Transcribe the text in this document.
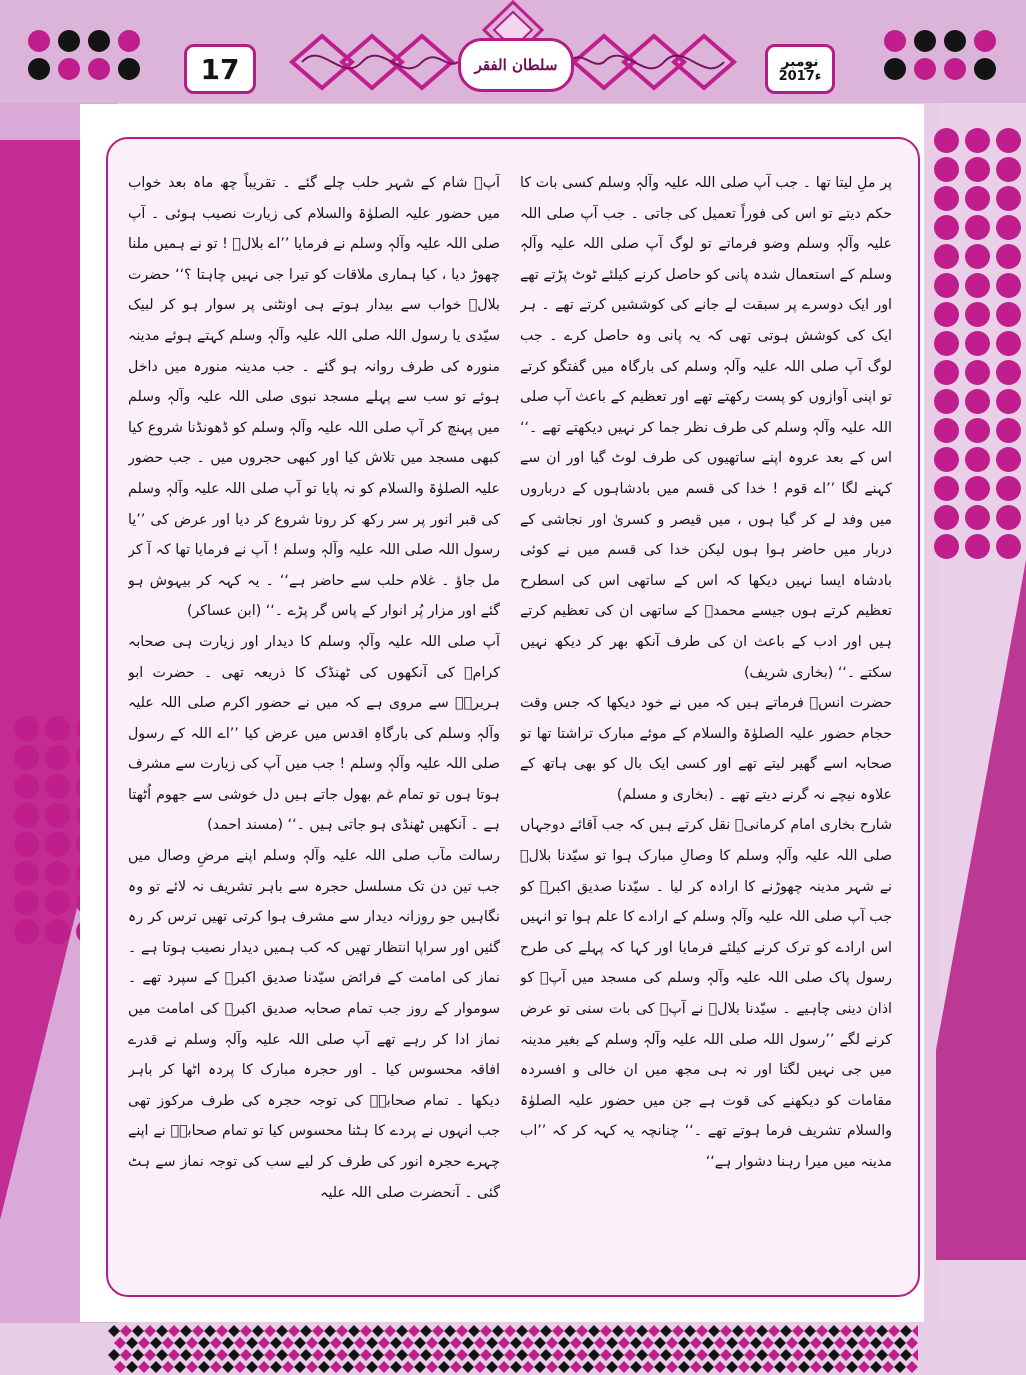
17	نومبر
2017ء
سلطان الفقر

پر ملِ لیتا تھا ۔ جب آپ صلی اللہ علیہ وآلہٖ وسلم کسی بات کا حکم دیتے تو اس کی فوراً تعمیل کی جاتی ۔ جب آپ صلی اللہ علیہ وآلہٖ وسلم وضو فرماتے تو لوگ آپ صلی اللہ علیہ وآلہٖ وسلم کے استعمال شدہ پانی کو حاصل کرنے کیلئے ٹوٹ پڑتے تھے اور ایک دوسرے پر سبقت لے جانے کی کوششیں کرتے تھے ۔ ہر ایک کی کوشش ہوتی تھی کہ یہ پانی وہ حاصل کرے ۔ جب لوگ آپ صلی اللہ علیہ وآلہٖ وسلم کی بارگاہ میں گفتگو کرتے تو اپنی آوازوں کو پست رکھتے تھے اور تعظیم کے باعث آپ صلی اللہ علیہ وآلہٖ وسلم کی طرف نظر جما کر نہیں دیکھتے تھے ۔‘‘ اس کے بعد عروہ اپنے ساتھیوں کی طرف لوٹ گیا اور ان سے کہنے لگا ’’اے قوم ! خدا کی قسم میں بادشاہوں کے درباروں میں وفد لے کر گیا ہوں ، میں قیصر و کسریٰ اور نجاشی کے دربار میں حاضر ہوا ہوں لیکن خدا کی قسم میں نے کوئی بادشاہ ایسا نہیں دیکھا کہ اس کے ساتھی اس کی اسطرح تعظیم کرتے ہوں جیسے محمدؐ کے ساتھی ان کی تعظیم کرتے ہیں اور ادب کے باعث ان کی طرف آنکھ بھر کر دیکھ نہیں سکتے ۔‘‘ (بخاری شریف)

حضرت انسؓ فرماتے ہیں کہ میں نے خود دیکھا کہ جس وقت حجام حضور علیہ الصلوٰۃ والسلام کے موئے مبارک تراشتا تھا تو صحابہ اسے گھیر لیتے تھے اور کسی ایک بال کو بھی ہاتھ کے علاوہ نیچے نہ گرنے دیتے تھے ۔ (بخاری و مسلم)

شارح بخاری امام کرمانیؒ نقل کرتے ہیں کہ جب آقائے دوجہاں صلی اللہ علیہ وآلہٖ وسلم کا وصالِ مبارک ہوا تو سیّدنا بلالؓ نے شہر مدینہ چھوڑنے کا ارادہ کر لیا ۔ سیّدنا صدیق اکبرؓ کو جب آپ صلی اللہ علیہ وآلہٖ وسلم کے ارادے کا علم ہوا تو انہیں اس ارادے کو ترک کرنے کیلئے فرمایا اور کہا کہ پہلے کی طرح رسول پاک صلی اللہ علیہ وآلہٖ وسلم کی مسجد میں آپؓ کو اذان دینی چاہیے ۔ سیّدنا بلالؓ نے آپؓ کی بات سنی تو عرض کرنے لگے ’’رسول اللہ صلی اللہ علیہ وآلہٖ وسلم کے بغیر مدینہ میں جی نہیں لگتا اور نہ ہی مجھ میں ان خالی و افسردہ مقامات کو دیکھنے کی قوت ہے جن میں حضور علیہ الصلوٰۃ والسلام تشریف فرما ہوتے تھے ۔‘‘ چنانچہ یہ کہہ کر کہ ’’اب مدینہ میں میرا رہنا دشوار ہے‘‘

آپؓ شام کے شہر حلب چلے گئے ۔ تقریباً چھ ماہ بعد خواب میں حضور علیہ الصلوٰۃ والسلام کی زیارت نصیب ہوئی ۔ آپ صلی اللہ علیہ وآلہٖ وسلم نے فرمایا ’’اے بلالؓ ! تو نے ہمیں ملنا چھوڑ دیا ، کیا ہماری ملاقات کو تیرا جی نہیں چاہتا ؟‘‘ حضرت بلالؓ خواب سے بیدار ہوتے ہی اونٹنی پر سوار ہو کر لبیک سیّدی یا رسول اللہ صلی اللہ علیہ وآلہٖ وسلم کہتے ہوئے مدینہ منورہ کی طرف روانہ ہو گئے ۔ جب مدینہ منورہ میں داخل ہوئے تو سب سے پہلے مسجد نبوی صلی اللہ علیہ وآلہٖ وسلم میں پہنچ کر آپ صلی اللہ علیہ وآلہٖ وسلم کو ڈھونڈنا شروع کیا کبھی مسجد میں تلاش کیا اور کبھی حجروں میں ۔ جب حضور علیہ الصلوٰۃ والسلام کو نہ پایا تو آپ صلی اللہ علیہ وآلہٖ وسلم کی قبر انور پر سر رکھ کر رونا شروع کر دیا اور عرض کی ’’یا رسول اللہ صلی اللہ علیہ وآلہٖ وسلم ! آپ نے فرمایا تھا کہ آ کر مل جاؤ ۔ غلام حلب سے حاضر ہے‘‘ ۔ یہ کہہ کر بیہوش ہو گئے اور مزار پُر انوار کے پاس گر پڑے ۔‘‘ (ابن عساکر)

آپ صلی اللہ علیہ وآلہٖ وسلم کا دیدار اور زیارت ہی صحابہ کرامؓ کی آنکھوں کی ٹھنڈک کا ذریعہ تھی ۔ حضرت ابو ہریرہؓ سے مروی ہے کہ میں نے حضور اکرم صلی اللہ علیہ وآلہٖ وسلم کی بارگاہِ اقدس میں عرض کیا ’’اے اللہ کے رسول صلی اللہ علیہ وآلہٖ وسلم ! جب میں آپ کی زیارت سے مشرف ہوتا ہوں تو تمام غم بھول جاتے ہیں دل خوشی سے جھوم اُٹھتا ہے ۔ آنکھیں ٹھنڈی ہو جاتی ہیں ۔‘‘ (مسند احمد)

رسالت مآب صلی اللہ علیہ وآلہٖ وسلم اپنے مرضِ وصال میں جب تین دن تک مسلسل حجرہ سے باہر تشریف نہ لائے تو وہ نگاہیں جو روزانہ دیدار سے مشرف ہوا کرتی تھیں ترس کر رہ گئیں اور سراپا انتظار تھیں کہ کب ہمیں دیدار نصیب ہوتا ہے ۔ نماز کی امامت کے فرائض سیّدنا صدیق اکبرؓ کے سپرد تھے ۔ سوموار کے روز جب تمام صحابہ صدیق اکبرؓ کی امامت میں نماز ادا کر رہے تھے آپ صلی اللہ علیہ وآلہٖ وسلم نے قدرے افاقہ محسوس کیا ۔ اور حجرہ مبارک کا پردہ اٹھا کر باہر دیکھا ۔ تمام صحابہؓ کی توجہ حجرہ کی طرف مرکوز تھی جب انہوں نے پردے کا ہٹنا محسوس کیا تو تمام صحابہؓ نے اپنے چہرے حجرہ انور کی طرف کر لیے سب کی توجہ نماز سے ہٹ گئی ۔ آنحضرت صلی اللہ علیہ
